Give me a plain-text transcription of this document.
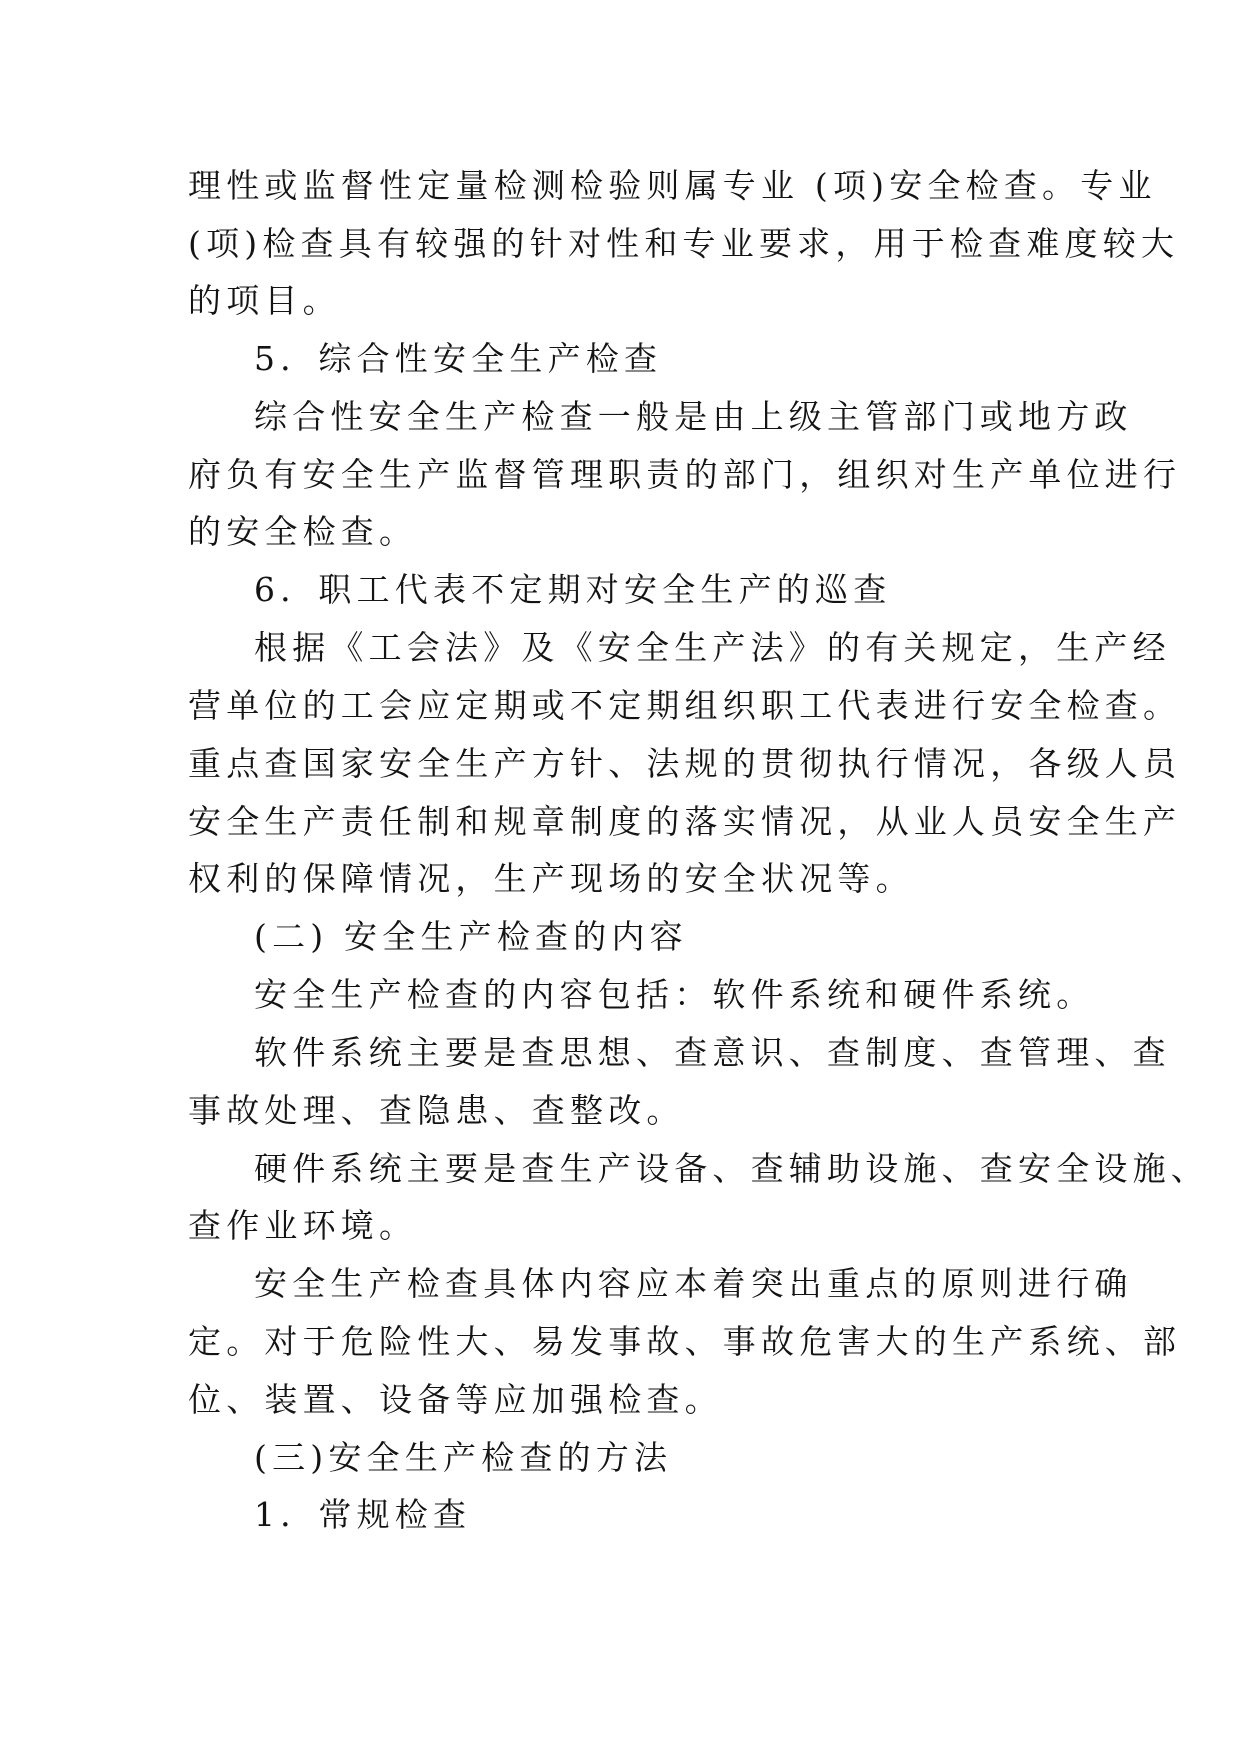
理性或监督性定量检测检验则属专业 (项)安全检查。专业
(项)检查具有较强的针对性和专业要求，用于检查难度较大
的项目。
5．综合性安全生产检查
综合性安全生产检查一般是由上级主管部门或地方政
府负有安全生产监督管理职责的部门，组织对生产单位进行
的安全检查。
6．职工代表不定期对安全生产的巡查
根据《工会法》及《安全生产法》的有关规定，生产经
营单位的工会应定期或不定期组织职工代表进行安全检查。
重点查国家安全生产方针、法规的贯彻执行情况，各级人员
安全生产责任制和规章制度的落实情况，从业人员安全生产
权利的保障情况，生产现场的安全状况等。
(二) 安全生产检查的内容
安全生产检查的内容包括：软件系统和硬件系统。
软件系统主要是查思想、查意识、查制度、查管理、查
事故处理、查隐患、查整改。
硬件系统主要是查生产设备、查辅助设施、查安全设施、
查作业环境。
安全生产检查具体内容应本着突出重点的原则进行确
定。对于危险性大、易发事故、事故危害大的生产系统、部
位、装置、设备等应加强检查。
(三)安全生产检查的方法
1．常规检查
